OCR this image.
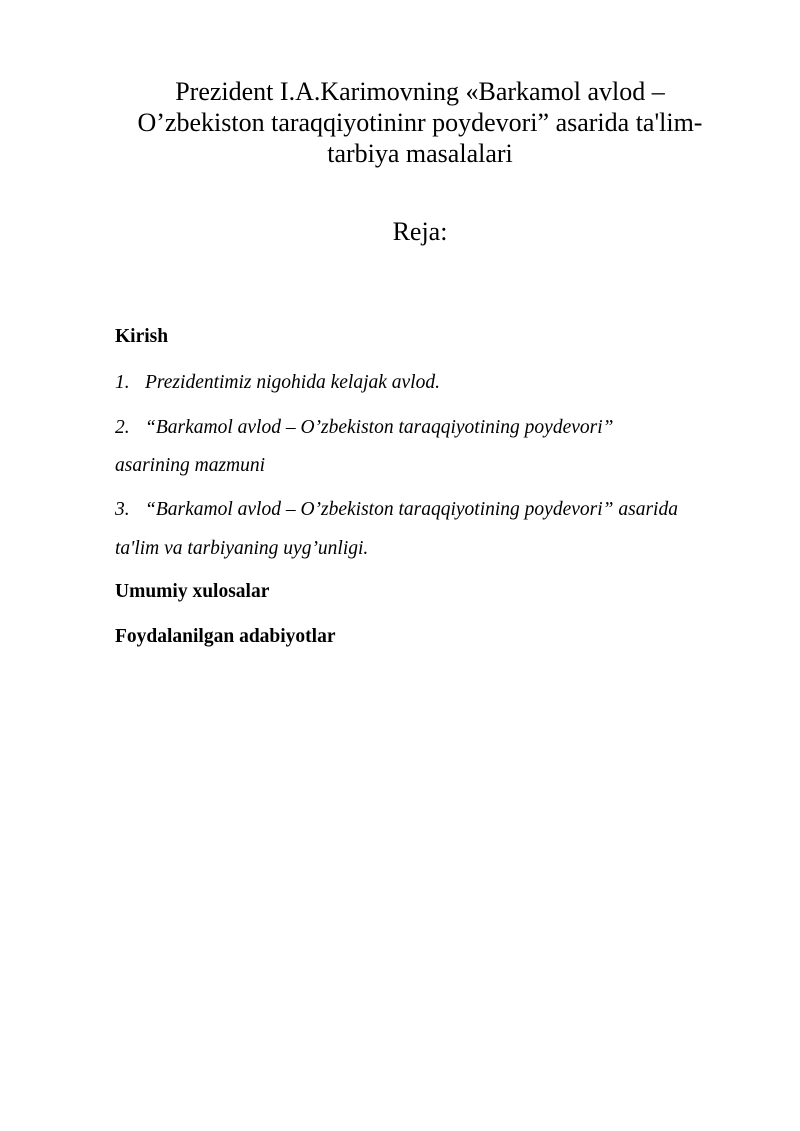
Prezident I.A.Karimovning «Barkamol avlod –
O’zbekiston taraqqiyotininr poydevori” asarida ta'lim-
tarbiya masalalari
Reja:
Kirish
1. Prezidentimiz nigohida kelajak avlod.
2. “Barkamol avlod – O’zbekiston taraqqiyotining poydevori”
asarining mazmuni
3. “Barkamol avlod – O’zbekiston taraqqiyotining poydevori” asarida
ta'lim va tarbiyaning uyg’unligi.
Umumiy xulosalar
Foydalanilgan adabiyotlar
